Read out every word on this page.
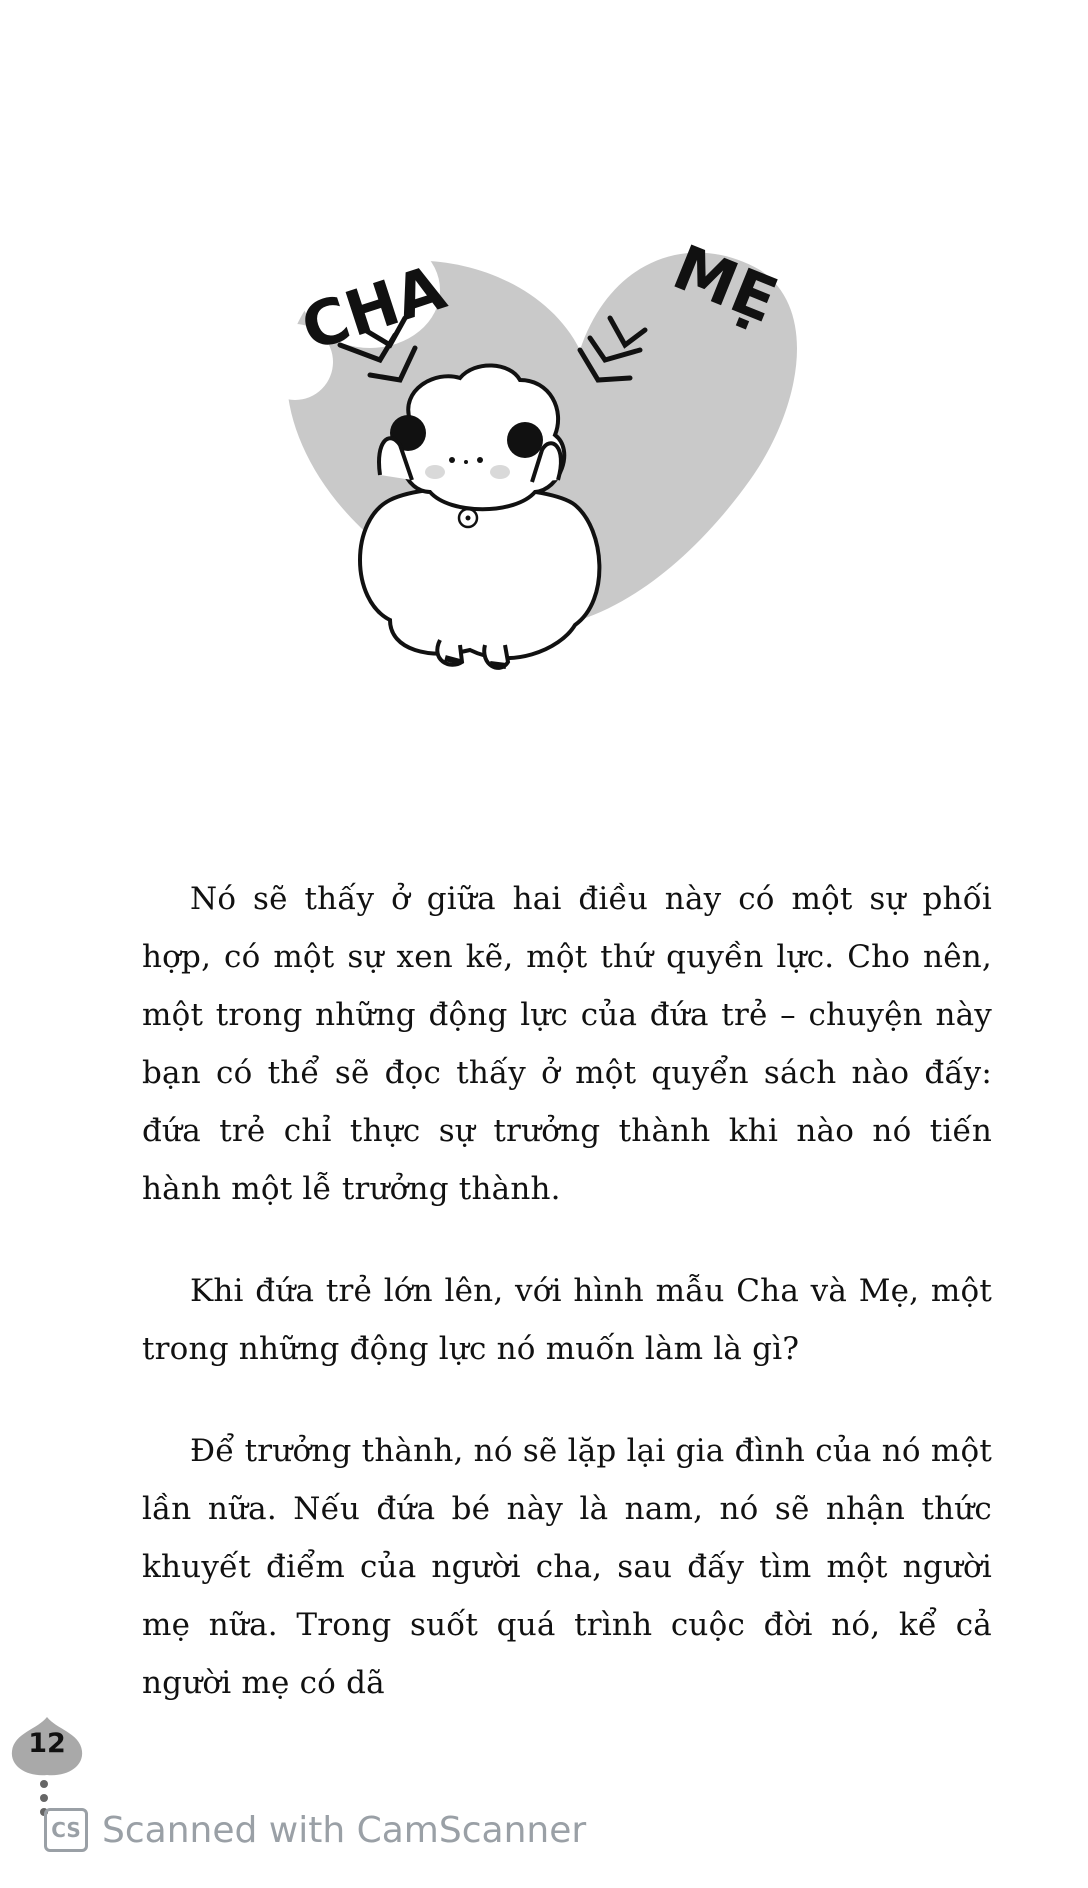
CHA	MẸ

Nó sẽ thấy ở giữa hai điều này có một sự phối hợp, có một sự xen kẽ, một thứ quyền lực. Cho nên, một trong những động lực của đứa trẻ – chuyện này bạn có thể sẽ đọc thấy ở một quyển sách nào đấy: đứa trẻ chỉ thực sự trưởng thành khi nào nó tiến hành một lễ trưởng thành.

Khi đứa trẻ lớn lên, với hình mẫu Cha và Mẹ, một trong những động lực nó muốn làm là gì?

Để trưởng thành, nó sẽ lặp lại gia đình của nó một lần nữa. Nếu đứa bé này là nam, nó sẽ nhận thức khuyết điểm của người cha, sau đấy tìm một người mẹ nữa. Trong suốt quá trình cuộc đời nó, kể cả người mẹ có dã

12
CS Scanned with CamScanner
